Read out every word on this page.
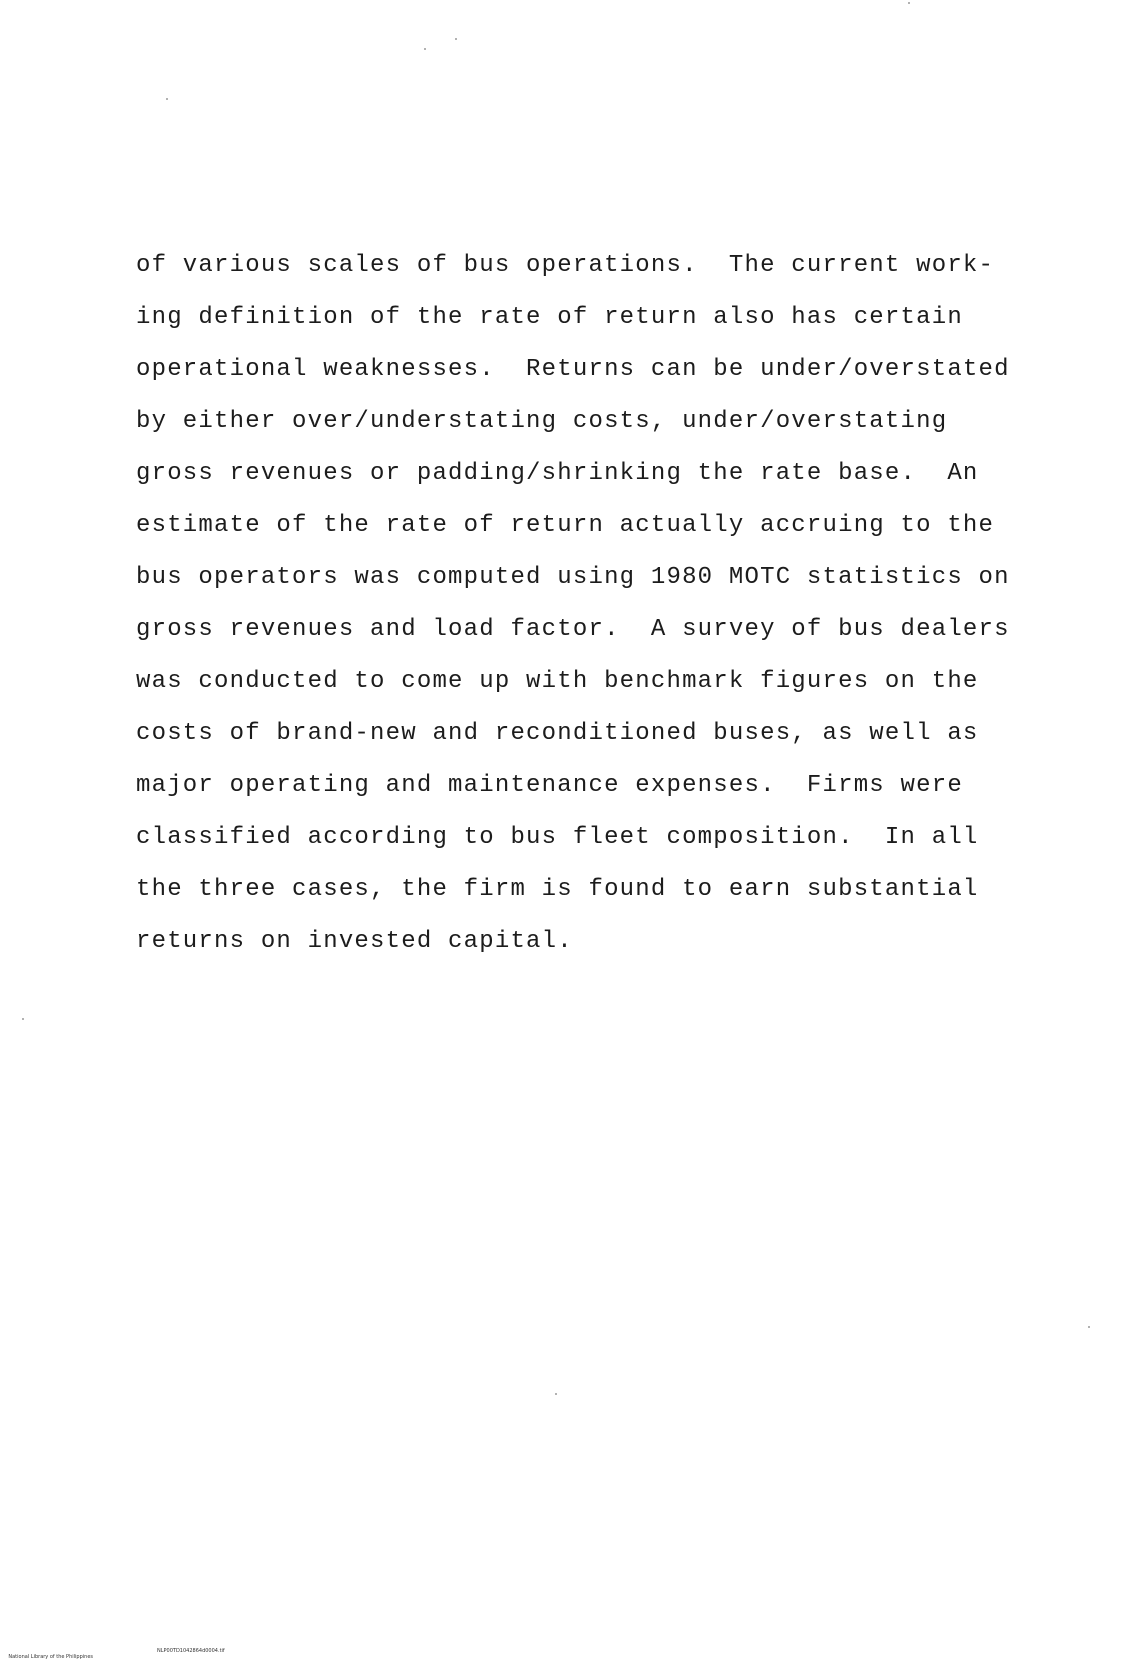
of various scales of bus operations.  The current work-
ing definition of the rate of return also has certain
operational weaknesses.  Returns can be under/overstated
by either over/understating costs, under/overstating
gross revenues or padding/shrinking the rate base.  An
estimate of the rate of return actually accruing to the
bus operators was computed using 1980 MOTC statistics on
gross revenues and load factor.  A survey of bus dealers
was conducted to come up with benchmark figures on the
costs of brand-new and reconditioned buses, as well as
major operating and maintenance expenses.  Firms were
classified according to bus fleet composition.  In all
the three cases, the firm is found to earn substantial
returns on invested capital.

National Library of the Philippines

NLP00TD1042864d0004.tif
